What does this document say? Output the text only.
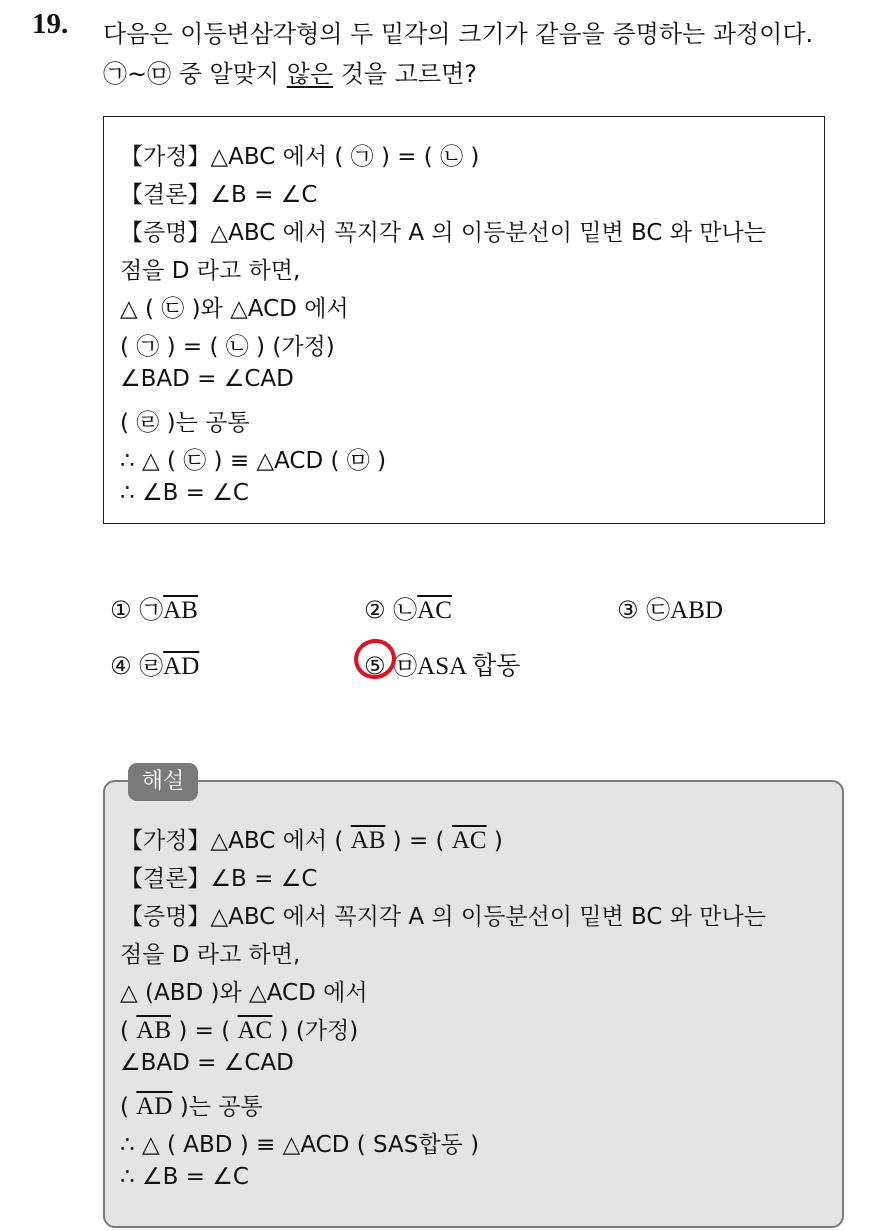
19. 다음은 이등변삼각형의 두 밑각의 크기가 같음을 증명하는 과정이다.
㉠~㉤ 중 알맞지 않은 것을 고르면?
【가정】△ABC 에서 ( ㉠ ) = ( ㉡ )
【결론】∠B = ∠C
【증명】△ABC 에서 꼭지각 A 의 이등분선이 밑변 BC 와 만나는
점을 D 라고 하면,
△ ( ㉢ )와 △ACD 에서
( ㉠ ) = ( ㉡ ) (가정)
∠BAD = ∠CAD
( ㉣ )는 공통
∴ △ ( ㉢ ) ≡ △ACD ( ㉤ )
∴ ∠B = ∠C
① $㉠\overline{AB}$	② $㉡\overline{AC}$	③ ㉢ABD
④ $㉣\overline{AD}$	⑤ ㉤ASA 합동
해설
【가정】△ABC 에서 ( $\overline{AB}$ ) = ( $\overline{AC}$ )
【결론】∠B = ∠C
【증명】△ABC 에서 꼭지각 A 의 이등분선이 밑변 BC 와 만나는
점을 D 라고 하면,
△ (ABD )와 △ACD 에서
( $\overline{AB}$ ) = ( $\overline{AC}$ ) (가정)
∠BAD = ∠CAD
( $\overline{AD}$ )는 공통
∴ △ ( ABD ) ≡ △ACD ( SAS합동 )
∴ ∠B = ∠C
